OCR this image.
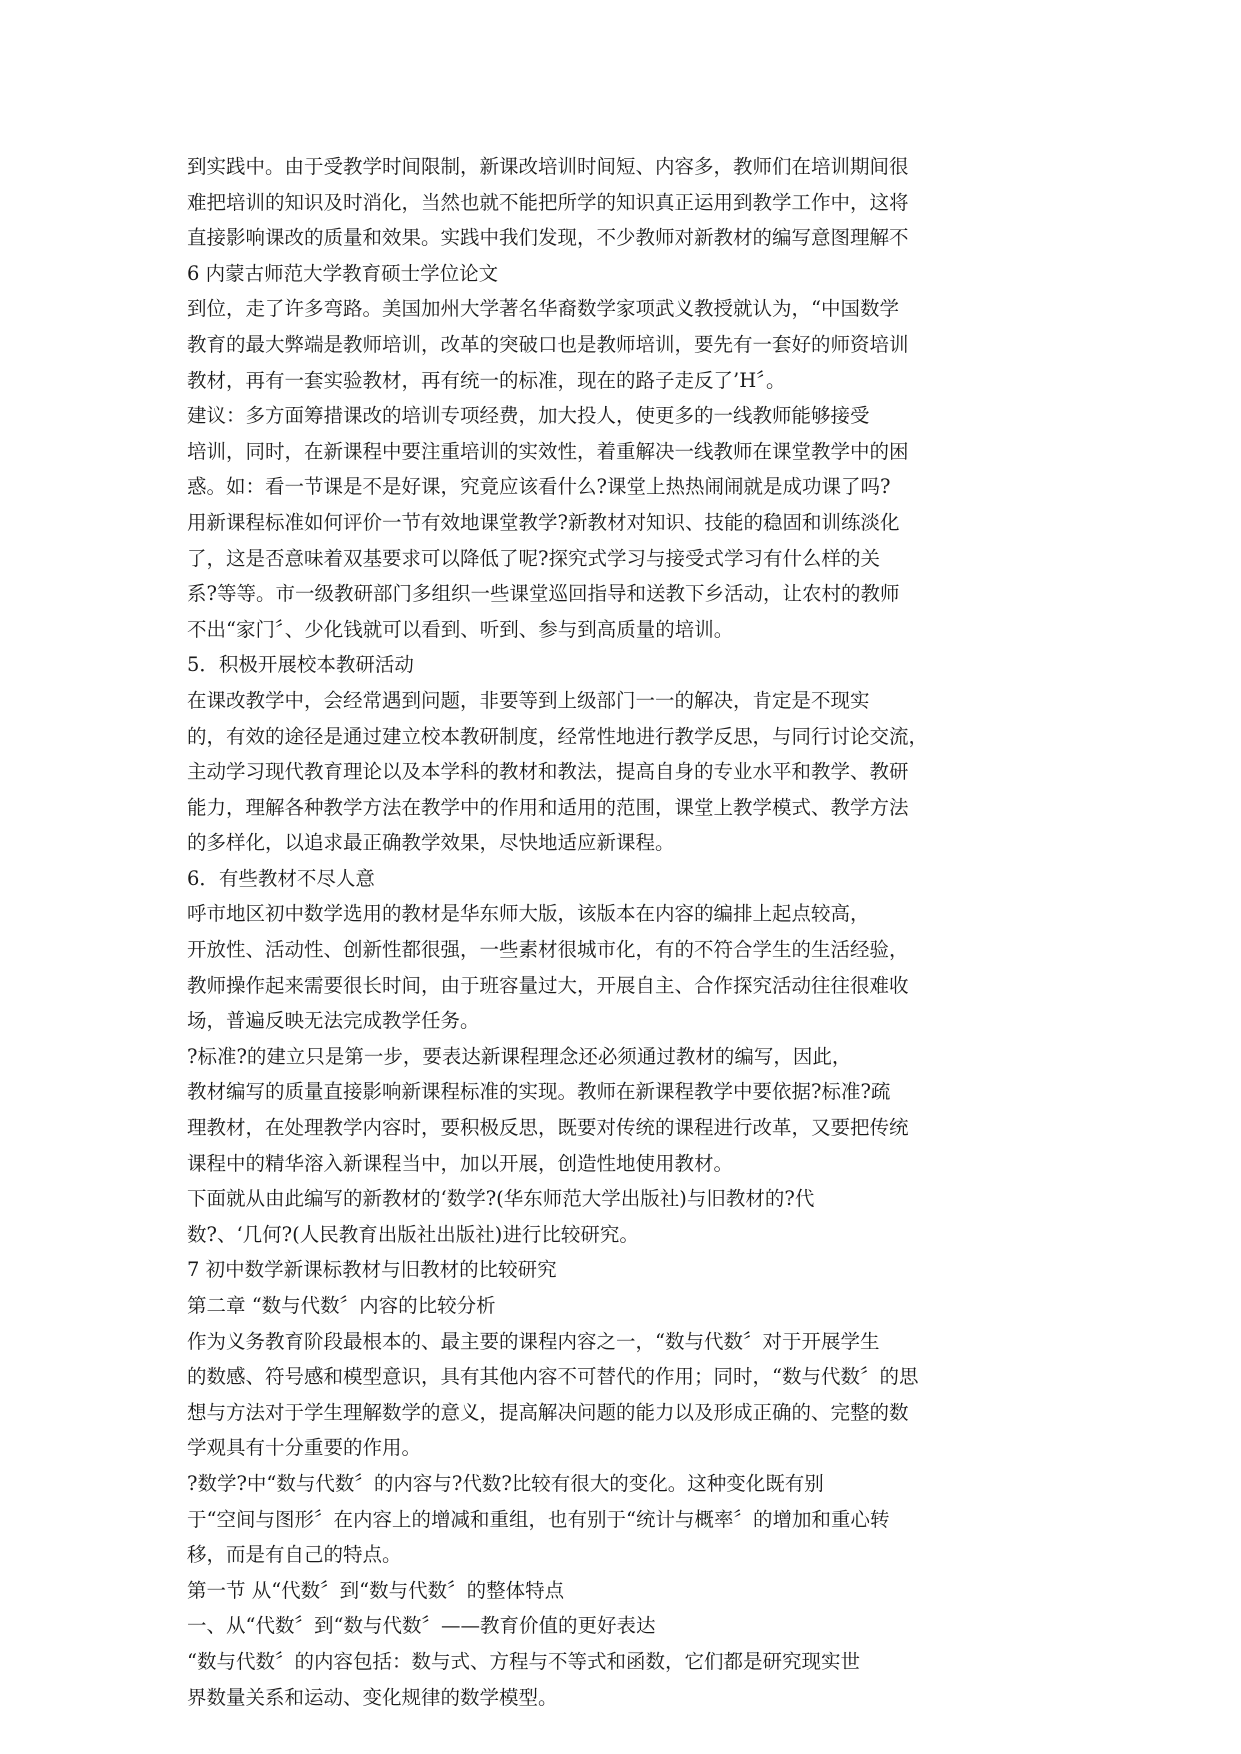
到实践中。由于受教学时间限制，新课改培训时间短、内容多，教师们在培训期间很
难把培训的知识及时消化，当然也就不能把所学的知识真正运用到教学工作中，这将
直接影响课改的质量和效果。实践中我们发现，不少教师对新教材的编写意图理解不
6 内蒙古师范大学教育硕士学位论文
到位，走了许多弯路。美国加州大学著名华裔数学家项武义教授就认为，“中国数学
教育的最大弊端是教师培训，改革的突破口也是教师培训，要先有一套好的师资培训
教材，再有一套实验教材，再有统一的标准，现在的路子走反了’H〞。
建议：多方面筹措课改的培训专项经费，加大投人，使更多的一线教师能够接受
培训，同时，在新课程中要注重培训的实效性，着重解决一线教师在课堂教学中的困
惑。如：看一节课是不是好课，究竟应该看什么?课堂上热热闹闹就是成功课了吗?
用新课程标准如何评价一节有效地课堂教学?新教材对知识、技能的稳固和训练淡化
了，这是否意味着双基要求可以降低了呢?探究式学习与接受式学习有什么样的关
系?等等。市一级教研部门多组织一些课堂巡回指导和送教下乡活动，让农村的教师
不出“家门〞、少化钱就可以看到、听到、参与到高质量的培训。
5．积极开展校本教研活动
在课改教学中，会经常遇到问题，非要等到上级部门一一的解决，肯定是不现实
的，有效的途径是通过建立校本教研制度，经常性地进行教学反思，与同行讨论交流，
主动学习现代教育理论以及本学科的教材和教法，提高自身的专业水平和教学、教研
能力，理解各种教学方法在教学中的作用和适用的范围，课堂上教学模式、教学方法
的多样化，以追求最正确教学效果，尽快地适应新课程。
6．有些教材不尽人意
呼市地区初中数学选用的教材是华东师大版，该版本在内容的编排上起点较高，
开放性、活动性、创新性都很强，一些素材很城市化，有的不符合学生的生活经验，
教师操作起来需要很长时间，由于班容量过大，开展自主、合作探究活动往往很难收
场，普遍反映无法完成教学任务。
?标准?的建立只是第一步，要表达新课程理念还必须通过教材的编写，因此，
教材编写的质量直接影响新课程标准的实现。教师在新课程教学中要依据?标准?疏
理教材，在处理教学内容时，要积极反思，既要对传统的课程进行改革，又要把传统
课程中的精华溶入新课程当中，加以开展，创造性地使用教材。
下面就从由此编写的新教材的‘数学?(华东师范大学出版社)与旧教材的?代
数?、‘几何?(人民教育出版社出版社)进行比较研究。
7 初中数学新课标教材与旧教材的比较研究
第二章 “数与代数〞内容的比较分析
作为义务教育阶段最根本的、最主要的课程内容之一，“数与代数〞对于开展学生
的数感、符号感和模型意识，具有其他内容不可替代的作用；同时，“数与代数〞的思
想与方法对于学生理解数学的意义，提高解决问题的能力以及形成正确的、完整的数
学观具有十分重要的作用。
?数学?中“数与代数〞的内容与?代数?比较有很大的变化。这种变化既有别
于“空间与图形〞在内容上的增减和重组，也有别于“统计与概率〞的增加和重心转
移，而是有自己的特点。
第一节 从“代数〞到“数与代数〞的整体特点
一、从“代数〞到“数与代数〞——教育价值的更好表达
“数与代数〞的内容包括：数与式、方程与不等式和函数，它们都是研究现实世
界数量关系和运动、变化规律的数学模型。
